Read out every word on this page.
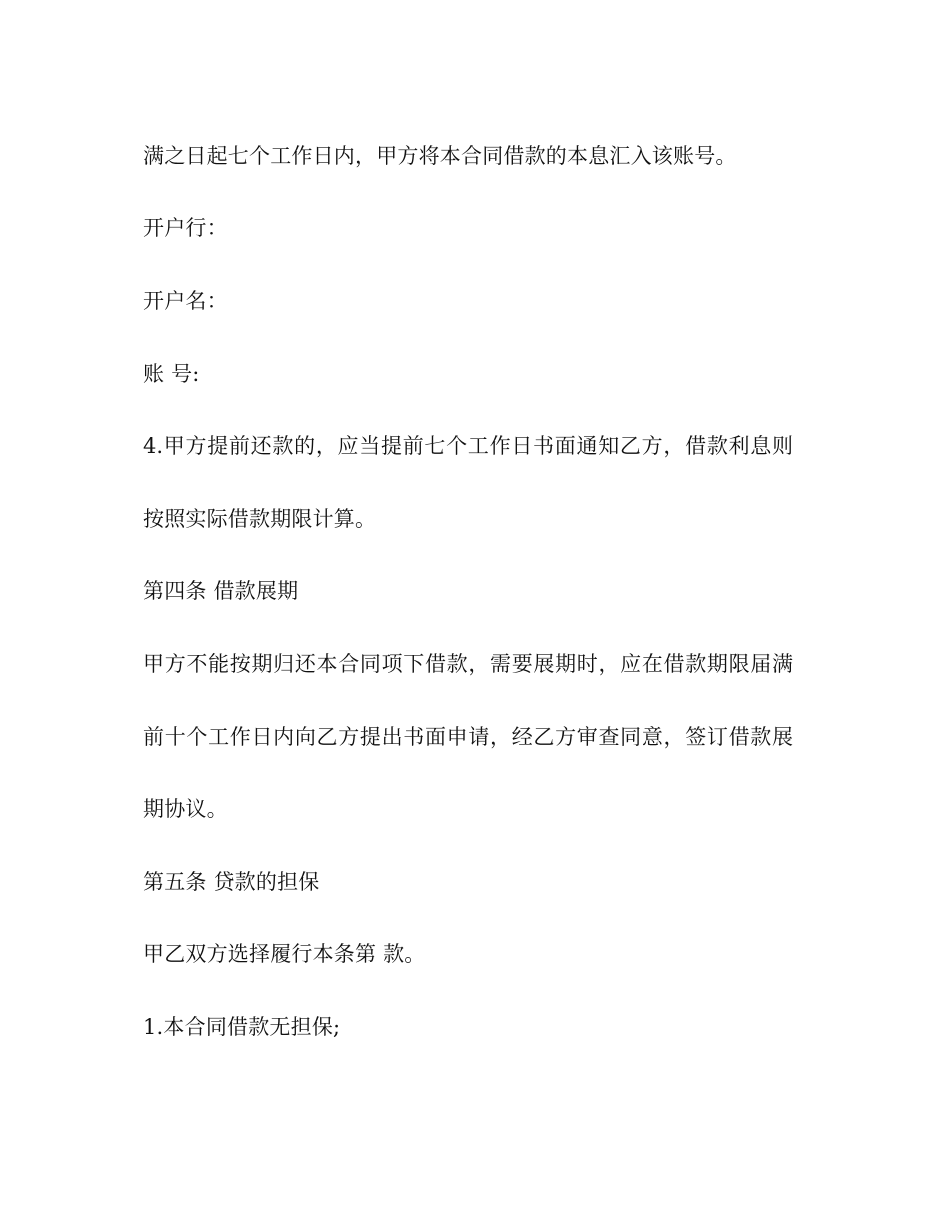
满之日起七个工作日内，甲方将本合同借款的本息汇入该账号。
开户行：
开户名：
账 号:
4.甲方提前还款的，应当提前七个工作日书面通知乙方，借款利息则
按照实际借款期限计算。
第四条 借款展期
甲方不能按期归还本合同项下借款，需要展期时，应在借款期限届满
前十个工作日内向乙方提出书面申请，经乙方审查同意，签订借款展
期协议。
第五条 贷款的担保
甲乙双方选择履行本条第 款。
1.本合同借款无担保;
